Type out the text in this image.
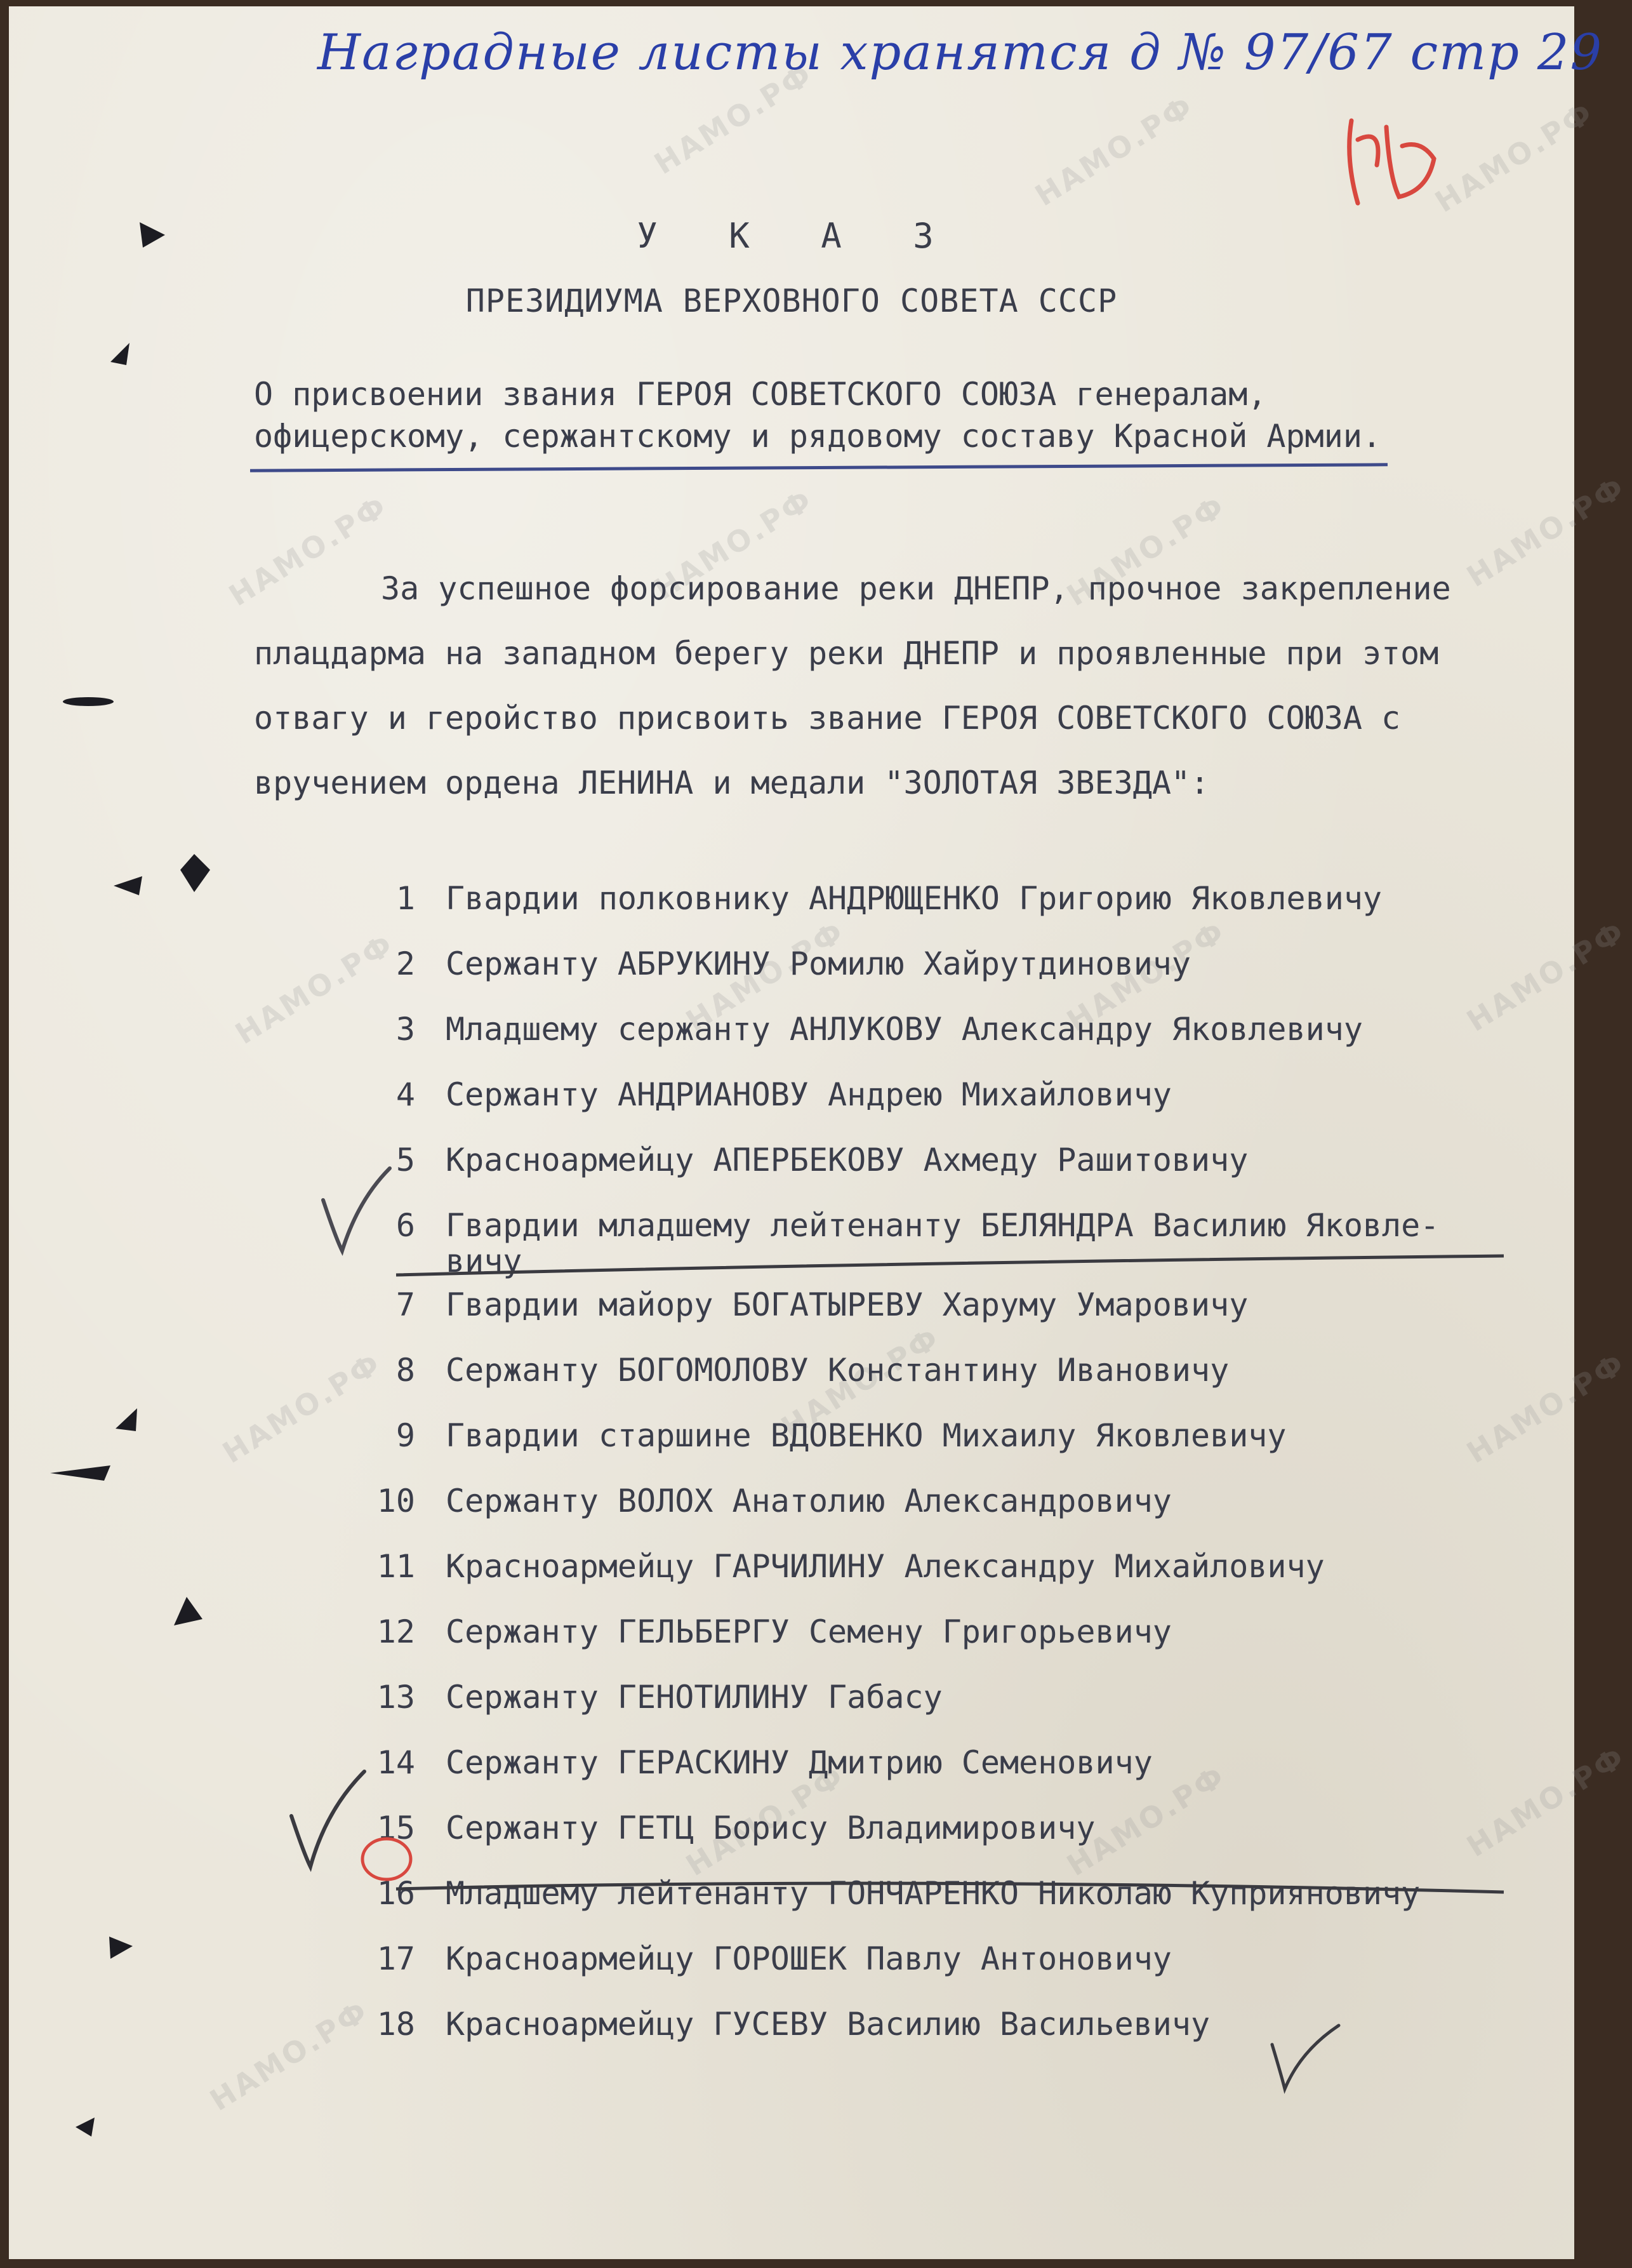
Наградные листы хранятся д № 97/67 стр 29
НАМО.РФ	НАМО.РФ	НАМО.РФ
НАМО.РФ	НАМО.РФ	НАМО.РФ	НАМО.РФ
НАМО.РФ	НАМО.РФ	НАМО.РФ	НАМО.РФ
НАМО.РФ	НАМО.РФ	НАМО.РФ
НАМО.РФ	НАМО.РФ	НАМО.РФ
НАМО.РФ
У К А З
ПРЕЗИДИУМА ВЕРХОВНОГО СОВЕТА СССР
О присвоении звания ГЕРОЯ СОВЕТСКОГО СОЮЗА генералам, офицерскому, сержантскому и рядовому составу Красной Армии.
За успешное форсирование реки ДНЕПР, прочное закрепление плацдарма на западном берегу реки ДНЕПР и проявленные при этом отвагу и геройство присвоить звание ГЕРОЯ СОВЕТСКОГО СОЮЗА с вручением ордена ЛЕНИНА и медали "ЗОЛОТАЯ ЗВЕЗДА":
1 Гвардии полковнику АНДРЮЩЕНКО Григорию Яковлевичу
2 Сержанту АБРУКИНУ Ромилю Хайрутдиновичу
3 Младшему сержанту АНЛУКОВУ Александру Яковлевичу
4 Сержанту АНДРИАНОВУ Андрею Михайловичу
5 Красноармейцу АПЕРБЕКОВУ Ахмеду Рашитовичу
6 Гвардии младшему лейтенанту БЕЛЯНДРА Василию Яковле-
вичу
7 Гвардии майору БОГАТЫРЕВУ Харуму Умаровичу
8 Сержанту БОГОМОЛОВУ Константину Ивановичу
9 Гвардии старшине ВДОВЕНКО Михаилу Яковлевичу
10 Сержанту ВОЛОХ Анатолию Александровичу
11 Красноармейцу ГАРЧИЛИНУ Александру Михайловичу
12 Сержанту ГЕЛЬБЕРГУ Семену Григорьевичу
13 Сержанту ГЕНОТИЛИНУ Габасу
14 Сержанту ГЕРАСКИНУ Дмитрию Семеновичу
15 Сержанту ГЕТЦ Борису Владимировичу
16 Младшему лейтенанту ГОНЧАРЕНКО Николаю Куприяновичу
17 Красноармейцу ГОРОШЕК Павлу Антоновичу
18 Красноармейцу ГУСЕВУ Василию Васильевичу
